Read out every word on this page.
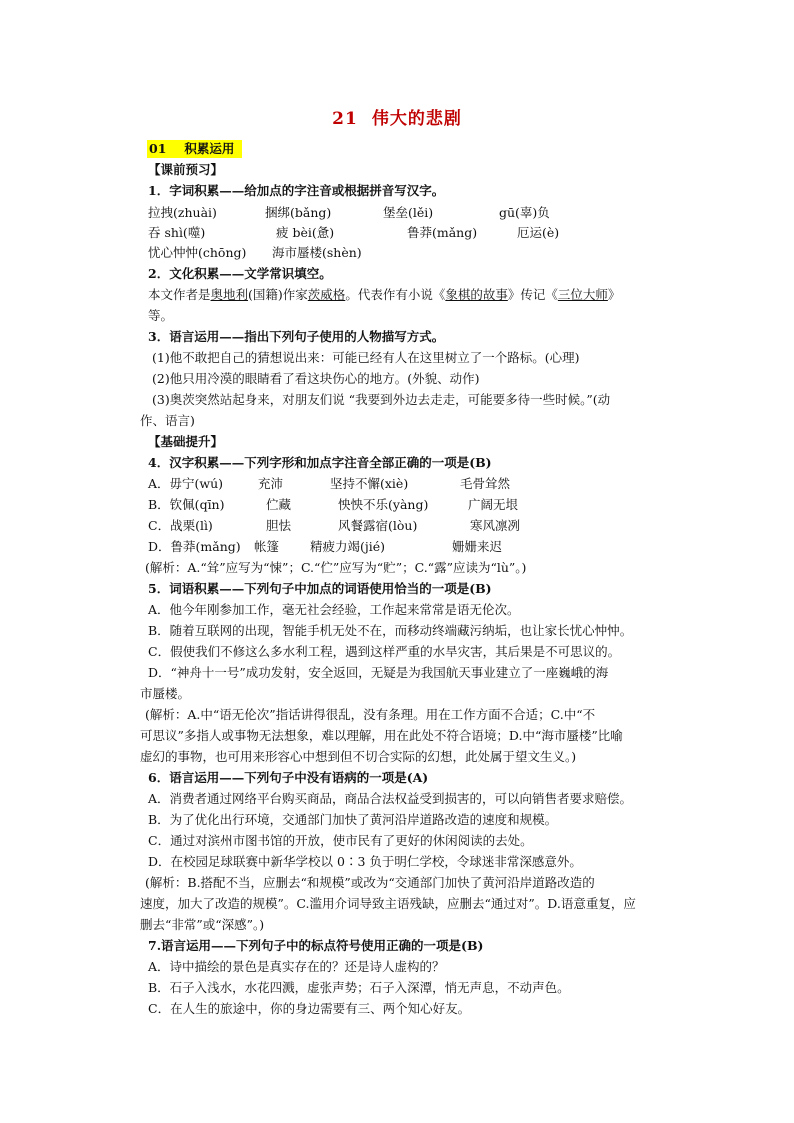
21 伟大的悲剧
01 积累运用
【课前预习】
1．字词积累——给加点的字注音或根据拼音写汉字。
拉拽(zhuài)	捆绑(bǎng)	堡垒(lěi)	gū(辜)负
吞 shì(噬)	疲 bèi(惫)	鲁莽(mǎng)	厄运(è)
忧心忡忡(chōng) 海市蜃楼(shèn)
2．文化积累——文学常识填空。
本文作者是奥地利(国籍)作家茨威格。代表作有小说《象棋的故事》传记《三位大师》
等。
3．语言运用——指出下列句子使用的人物描写方式。
(1)他不敢把自己的猜想说出来：可能已经有人在这里树立了一个路标。(心理)
(2)他只用冷漠的眼睛看了看这块伤心的地方。(外貌、动作)
(3)奥茨突然站起身来，对朋友们说 “我要到外边去走走，可能要多待一些时候。”(动
作、语言)
【基础提升】
4．汉字积累——下列字形和加点字注音全部正确的一项是(B)
A．毋宁(wú)	充沛	坚持不懈(xiè)	毛骨耸然
B．钦佩(qīn)	伫藏	怏怏不乐(yàng)	广阔无垠
C．战栗(lì)	胆怯	风餐露宿(lòu)	寒风凛冽
D．鲁莽(mǎng) 帐篷 精疲力竭(jié)	姗姗来迟
(解析：A.“耸”应写为“悚”；C.“伫”应写为“贮”；C.“露”应读为“lù”。)
5．词语积累——下列句子中加点的词语使用恰当的一项是(B)
A．他今年刚参加工作，毫无社会经验，工作起来常常是语无伦次。
B．随着互联网的出现，智能手机无处不在，而移动终端藏污纳垢，也让家长忧心忡忡。
C．假使我们不修这么多水利工程，遇到这样严重的水旱灾害，其后果是不可思议的。
D．“神舟十一号”成功发射，安全返回，无疑是为我国航天事业建立了一座巍峨的海
市蜃楼。
(解析：A.中“语无伦次”指话讲得很乱，没有条理。用在工作方面不合适；C.中“不
可思议”多指人或事物无法想象，难以理解，用在此处不符合语境；D.中“海市蜃楼”比喻
虚幻的事物，也可用来形容心中想到但不切合实际的幻想，此处属于望文生义。)
6．语言运用——下列句子中没有语病的一项是(A)
A．消费者通过网络平台购买商品，商品合法权益受到损害的，可以向销售者要求赔偿。
B．为了优化出行环境，交通部门加快了黄河沿岸道路改造的速度和规模。
C．通过对滨州市图书馆的开放，使市民有了更好的休闲阅读的去处。
D．在校园足球联赛中新华学校以 0∶3 负于明仁学校，令球迷非常深感意外。
(解析：B.搭配不当，应删去“和规模”或改为“交通部门加快了黄河沿岸道路改造的
速度，加大了改造的规模”。C.滥用介词导致主语残缺，应删去“通过对”。D.语意重复，应
删去“非常”或“深感”。)
7.语言运用——下列句子中的标点符号使用正确的一项是(B)
A．诗中描绘的景色是真实存在的？还是诗人虚构的？
B．石子入浅水，水花四溅，虚张声势；石子入深潭，悄无声息，不动声色。
C．在人生的旅途中，你的身边需要有三、两个知心好友。
